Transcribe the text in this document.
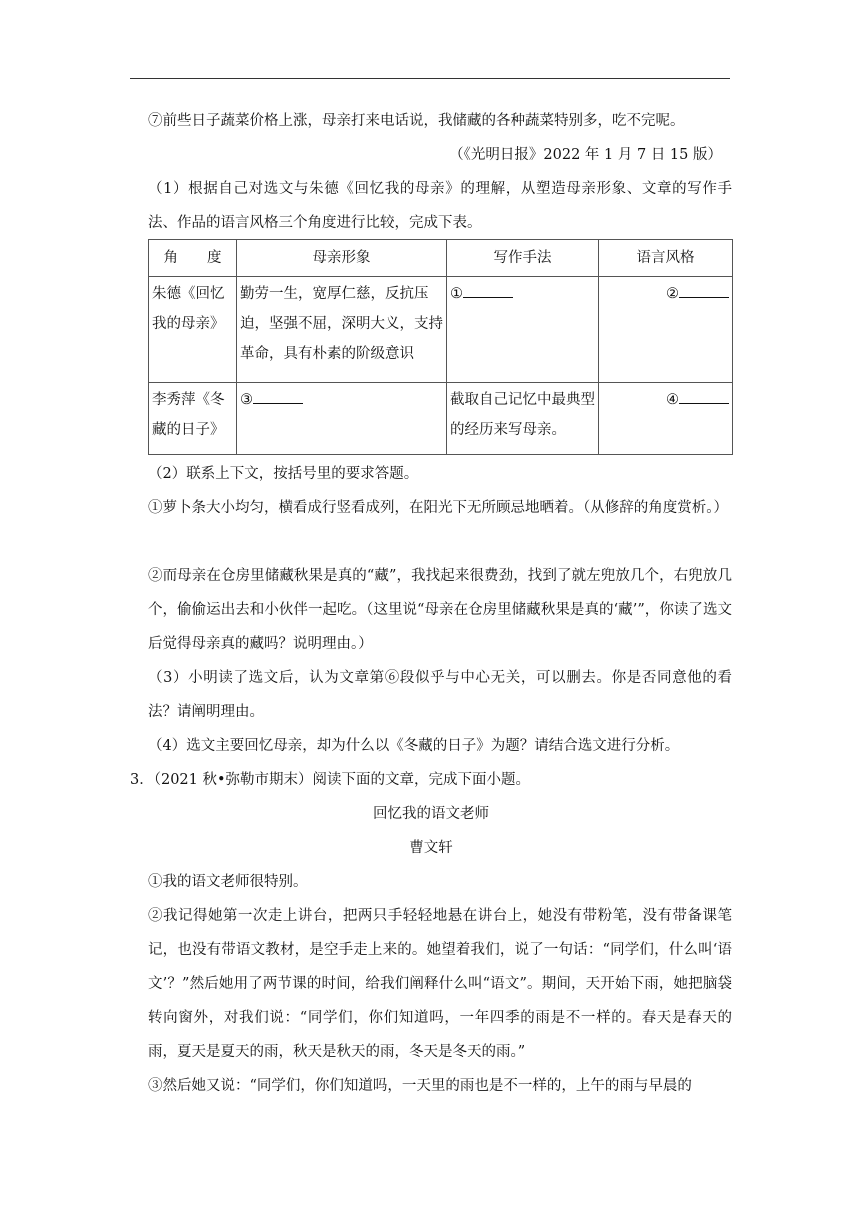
⑦前些日子蔬菜价格上涨，母亲打来电话说，我储藏的各种蔬菜特别多，吃不完呢。

（《光明日报》2022 年 1 月 7 日 15 版）

（1）根据自己对选文与朱德《回忆我的母亲》的理解，从塑造母亲形象、文章的写作手法、作品的语言风格三个角度进行比较，完成下表。

角　　度	母亲形象	写作手法	语言风格
朱德《回忆我的母亲》	勤劳一生，宽厚仁慈，反抗压迫，坚强不屈，深明大义，支持革命，具有朴素的阶级意识	①	②
李秀萍《冬藏的日子》	③	截取自己记忆中最典型的经历来写母亲。	④

（2）联系上下文，按括号里的要求答题。

①萝卜条大小均匀，横看成行竖看成列，在阳光下无所顾忌地晒着。（从修辞的角度赏析。）

②而母亲在仓房里储藏秋果是真的“藏”，我找起来很费劲，找到了就左兜放几个，右兜放几个，偷偷运出去和小伙伴一起吃。（这里说“母亲在仓房里储藏秋果是真的‘藏’”，你读了选文后觉得母亲真的藏吗？说明理由。）

（3）小明读了选文后，认为文章第⑥段似乎与中心无关，可以删去。你是否同意他的看法？请阐明理由。

（4）选文主要回忆母亲，却为什么以《冬藏的日子》为题？请结合选文进行分析。

3．（2021 秋•弥勒市期末）阅读下面的文章，完成下面小题。

回忆我的语文老师
曹文轩

①我的语文老师很特别。

②我记得她第一次走上讲台，把两只手轻轻地悬在讲台上，她没有带粉笔，没有带备课笔记，也没有带语文教材，是空手走上来的。她望着我们，说了一句话：“同学们，什么叫‘语文’？”然后她用了两节课的时间，给我们阐释什么叫“语文”。期间，天开始下雨，她把脑袋转向窗外，对我们说：“同学们，你们知道吗，一年四季的雨是不一样的。春天是春天的雨，夏天是夏天的雨，秋天是秋天的雨，冬天是冬天的雨。”

③然后她又说：“同学们，你们知道吗，一天里的雨也是不一样的，上午的雨与早晨的
